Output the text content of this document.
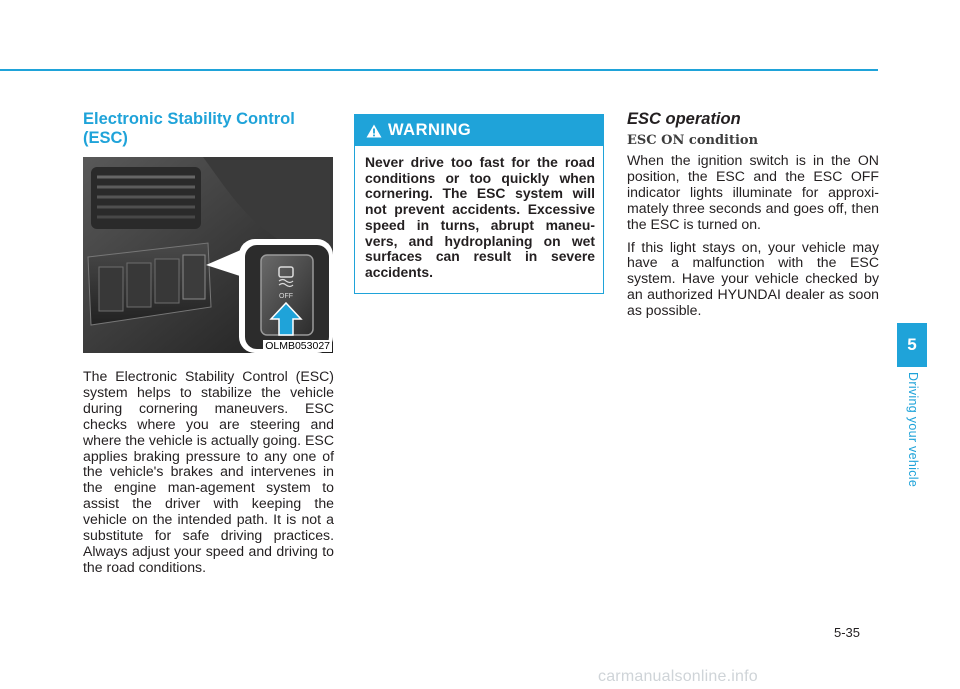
Electronic Stability Control (ESC)
OFF
OLMB053027

The Electronic Stability Control (ESC) system helps to stabilize the vehicle during cornering maneuvers. ESC checks where you are steering and where the vehicle is actually going. ESC applies braking pressure to any one of the vehicle's brakes and intervenes in the engine man-agement system to assist the driver with keeping the vehicle on the intended path. It is not a substitute for safe driving practices. Always adjust your speed and driving to the road conditions.

WARNING

Never drive too fast for the road conditions or too quickly when cornering. The ESC system will not prevent accidents. Excessive speed in turns, abrupt maneu-vers, and hydroplaning on wet surfaces can result in severe accidents.

ESC operation
ESC ON condition

When the ignition switch is in the ON position, the ESC and the ESC OFF indicator lights illuminate for approxi-mately three seconds and goes off, then the ESC is turned on.

If this light stays on, your vehicle may have a malfunction with the ESC system. Have your vehicle checked by an authorized HYUNDAI dealer as soon as possible.

5
Driving your vehicle
5-35
carmanualsonline.info
